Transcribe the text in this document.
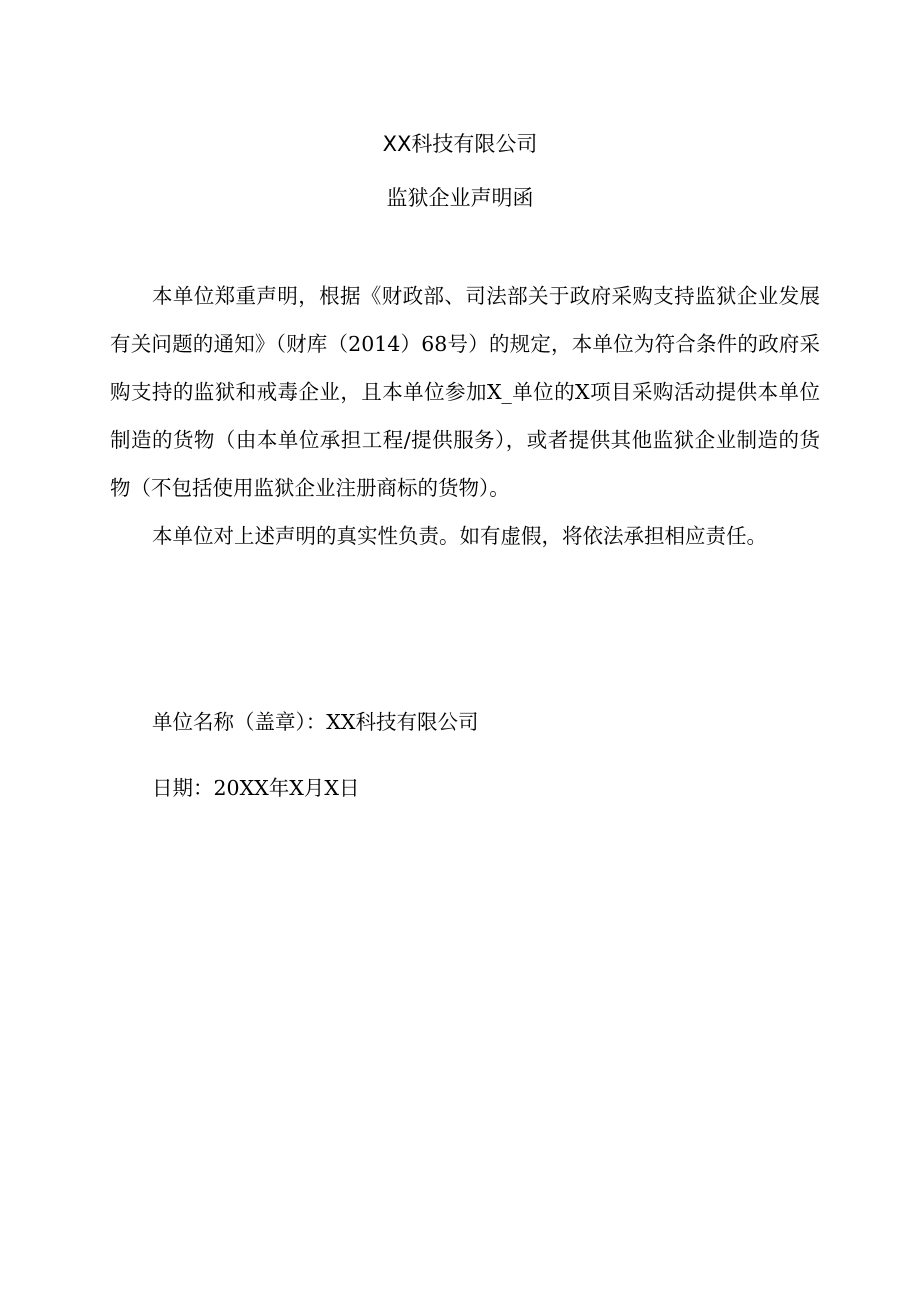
XX科技有限公司
监狱企业声明函
本单位郑重声明，根据《财政部、司法部关于政府采购支持监狱企业发展有关问题的通知》（财库（2014）68号）的规定，本单位为符合条件的政府采购支持的监狱和戒毒企业，且本单位参加X_单位的X项目采购活动提供本单位制造的货物（由本单位承担工程/提供服务），或者提供其他监狱企业制造的货物（不包括使用监狱企业注册商标的货物）。
本单位对上述声明的真实性负责。如有虚假，将依法承担相应责任。
单位名称（盖章）：XX科技有限公司
日期：20XX年X月X日
